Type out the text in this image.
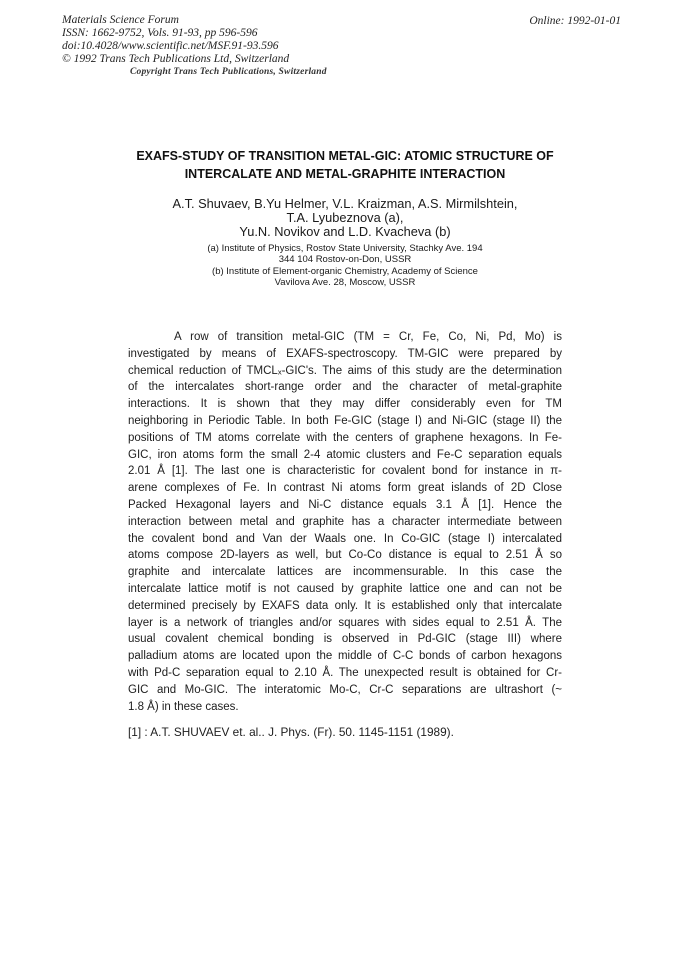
Materials Science Forum
ISSN: 1662-9752, Vols. 91-93, pp 596-596
doi:10.4028/www.scientific.net/MSF.91-93.596
© 1992 Trans Tech Publications Ltd, Switzerland
Copyright Trans Tech Publications, Switzerland
Online: 1992-01-01
EXAFS-STUDY OF TRANSITION METAL-GIC: ATOMIC STRUCTURE OF
INTERCALATE AND METAL-GRAPHITE INTERACTION
A.T. Shuvaev, B.Yu Helmer, V.L. Kraizman, A.S. Mirmilshtein,
T.A. Lyubeznova (a),
Yu.N. Novikov and L.D. Kvacheva (b)
(a) Institute of Physics, Rostov State University, Stachky Ave. 194
344 104 Rostov-on-Don, USSR
(b) Institute of Element-organic Chemistry, Academy of Science
Vavilova Ave. 28, Moscow, USSR
A row of transition metal-GIC (TM = Cr, Fe, Co, Ni, Pd, Mo) is
investigated by means of EXAFS-spectroscopy. TM-GIC were prepared by
chemical reduction of TMCLₓ-GIC's. The aims of this study are the determination
of the intercalates short-range order and the character of metal-graphite
interactions. It is shown that they may differ considerably even for TM
neighboring in Periodic Table. In both Fe-GIC (stage I) and Ni-GIC (stage II) the
positions of TM atoms correlate with the centers of graphene hexagons. In Fe-
GIC, iron atoms form the small 2-4 atomic clusters and Fe-C separation equals
2.01 Å [1]. The last one is characteristic for covalent bond for instance in π-
arene complexes of Fe. In contrast Ni atoms form great islands of 2D Close
Packed Hexagonal layers and Ni-C distance equals 3.1 Å [1]. Hence the
interaction between metal and graphite has a character intermediate between
the covalent bond and Van der Waals one. In Co-GIC (stage I) intercalated
atoms compose 2D-layers as well, but Co-Co distance is equal to 2.51 Å so
graphite and intercalate lattices are incommensurable. In this case the
intercalate lattice motif is not caused by graphite lattice one and can not be
determined precisely by EXAFS data only. It is established only that intercalate
layer is a network of triangles and/or squares with sides equal to 2.51 Å. The
usual covalent chemical bonding is observed in Pd-GIC (stage III) where
palladium atoms are located upon the middle of C-C bonds of carbon hexagons
with Pd-C separation equal to 2.10 Å. The unexpected result is obtained for Cr-
GIC and Mo-GIC. The interatomic Mo-C, Cr-C separations are ultrashort (~
1.8 Å) in these cases.
[1] : A.T. SHUVAEV et. al.. J. Phys. (Fr). 50. 1145-1151 (1989).
